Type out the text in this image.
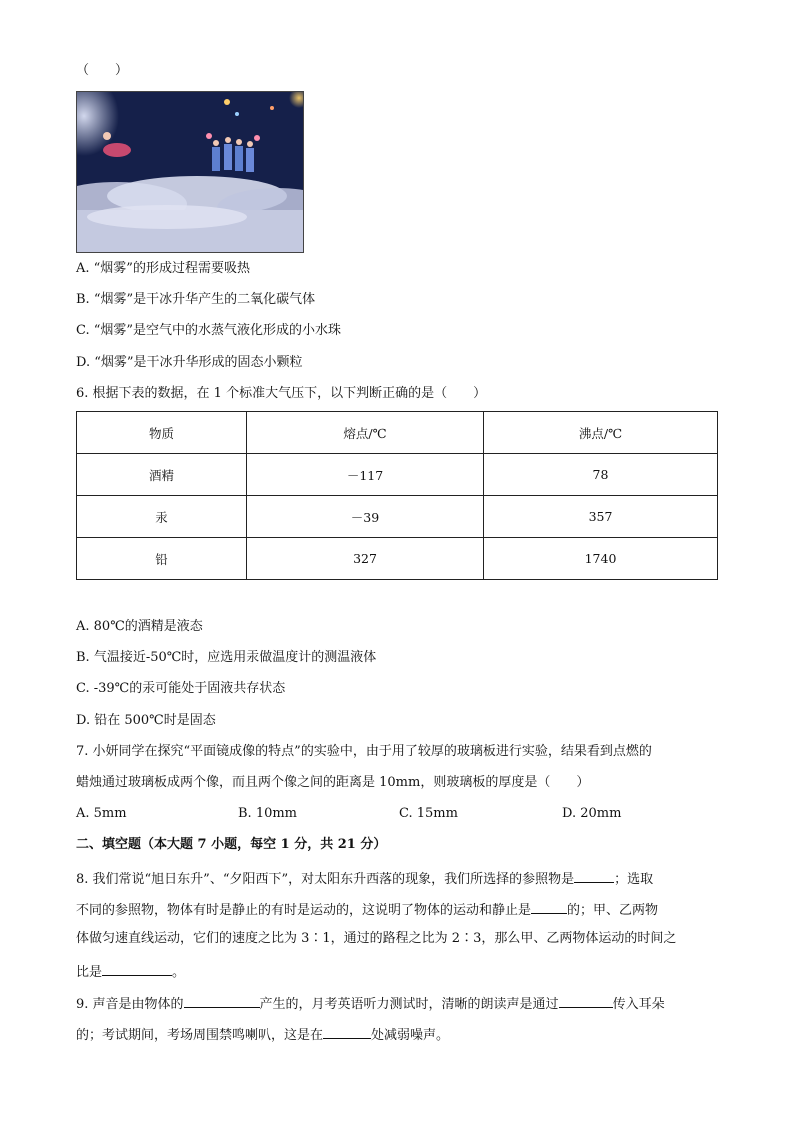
（　　）
A. “烟雾”的形成过程需要吸热
B. “烟雾”是干冰升华产生的二氧化碳气体
C. “烟雾”是空气中的水蒸气液化形成的小水珠
D. “烟雾”是干冰升华形成的固态小颗粒
6. 根据下表的数据，在 1 个标准大气压下，以下判断正确的是（　　）
物质	熔点/℃	沸点/℃
酒精	－117	78
汞	－39	357
铅	327	1740
A. 80℃的酒精是液态
B. 气温接近-50℃时，应选用汞做温度计的测温液体
C. -39℃的汞可能处于固液共存状态
D. 铅在 500℃时是固态
7. 小妍同学在探究“平面镜成像的特点”的实验中，由于用了较厚的玻璃板进行实验，结果看到点燃的
蜡烛通过玻璃板成两个像，而且两个像之间的距离是 10mm，则玻璃板的厚度是（　　）
A. 5mm	B. 10mm	C. 15mm	D. 20mm
二、填空题（本大题 7 小题，每空 1 分，共 21 分）
8. 我们常说“旭日东升”、“夕阳西下”，对太阳东升西落的现象，我们所选择的参照物是	；选取
不同的参照物，物体有时是静止的有时是运动的，这说明了物体的运动和静止是	的；甲、乙两物
体做匀速直线运动，它们的速度之比为 3∶1，通过的路程之比为 2∶3，那么甲、乙两物体运动的时间之
比是	。
9. 声音是由物体的	产生的，月考英语听力测试时，清晰的朗读声是通过	传入耳朵
的；考试期间，考场周围禁鸣喇叭，这是在	处减弱噪声。
